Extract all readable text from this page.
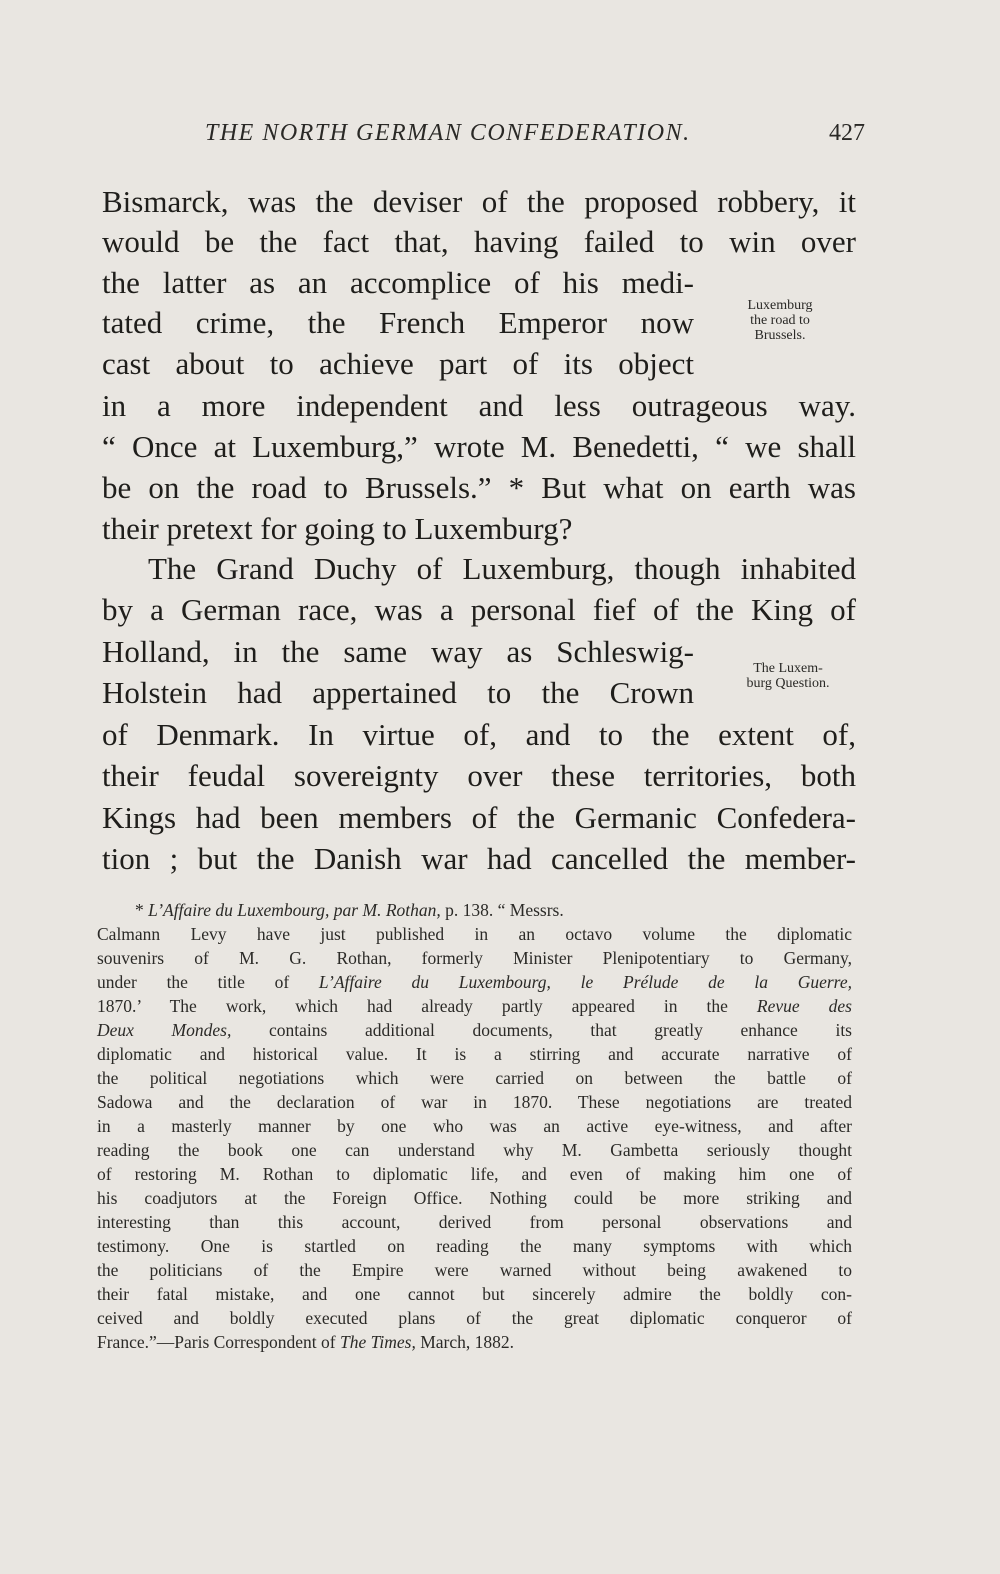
THE NORTH GERMAN CONFEDERATION.	427
Bismarck, was the deviser of the proposed robbery, it
would be the fact that, having failed to win over
the latter as an accomplice of his medi-
tated crime, the French Emperor now
cast about to achieve part of its object
in a more independent and less outrageous way.
“ Once at Luxemburg,” wrote M. Benedetti, “ we shall
be on the road to Brussels.” * But what on earth was
their pretext for going to Luxemburg?
The Grand Duchy of Luxemburg, though inhabited
by a German race, was a personal fief of the King of
Holland, in the same way as Schleswig-
Holstein had appertained to the Crown
of Denmark. In virtue of, and to the extent of,
their feudal sovereignty over these territories, both
Kings had been members of the Germanic Confedera-
tion ; but the Danish war had cancelled the member-
Luxemburg
the road to
Brussels.
The Luxem-
burg Question.
* L’Affaire du Luxembourg, par M. Rothan, p. 138. “ Messrs.
Calmann Levy have just published in an octavo volume the diplomatic
souvenirs of M. G. Rothan, formerly Minister Plenipotentiary to Germany,
under the title of L’Affaire du Luxembourg, le Prélude de la Guerre,
1870.’ The work, which had already partly appeared in the Revue des
Deux Mondes, contains additional documents, that greatly enhance its
diplomatic and historical value. It is a stirring and accurate narrative of
the political negotiations which were carried on between the battle of
Sadowa and the declaration of war in 1870. These negotiations are treated
in a masterly manner by one who was an active eye-witness, and after
reading the book one can understand why M. Gambetta seriously thought
of restoring M. Rothan to diplomatic life, and even of making him one of
his coadjutors at the Foreign Office. Nothing could be more striking and
interesting than this account, derived from personal observations and
testimony. One is startled on reading the many symptoms with which
the politicians of the Empire were warned without being awakened to
their fatal mistake, and one cannot but sincerely admire the boldly con-
ceived and boldly executed plans of the great diplomatic conqueror of
France.”—Paris Correspondent of The Times, March, 1882.
